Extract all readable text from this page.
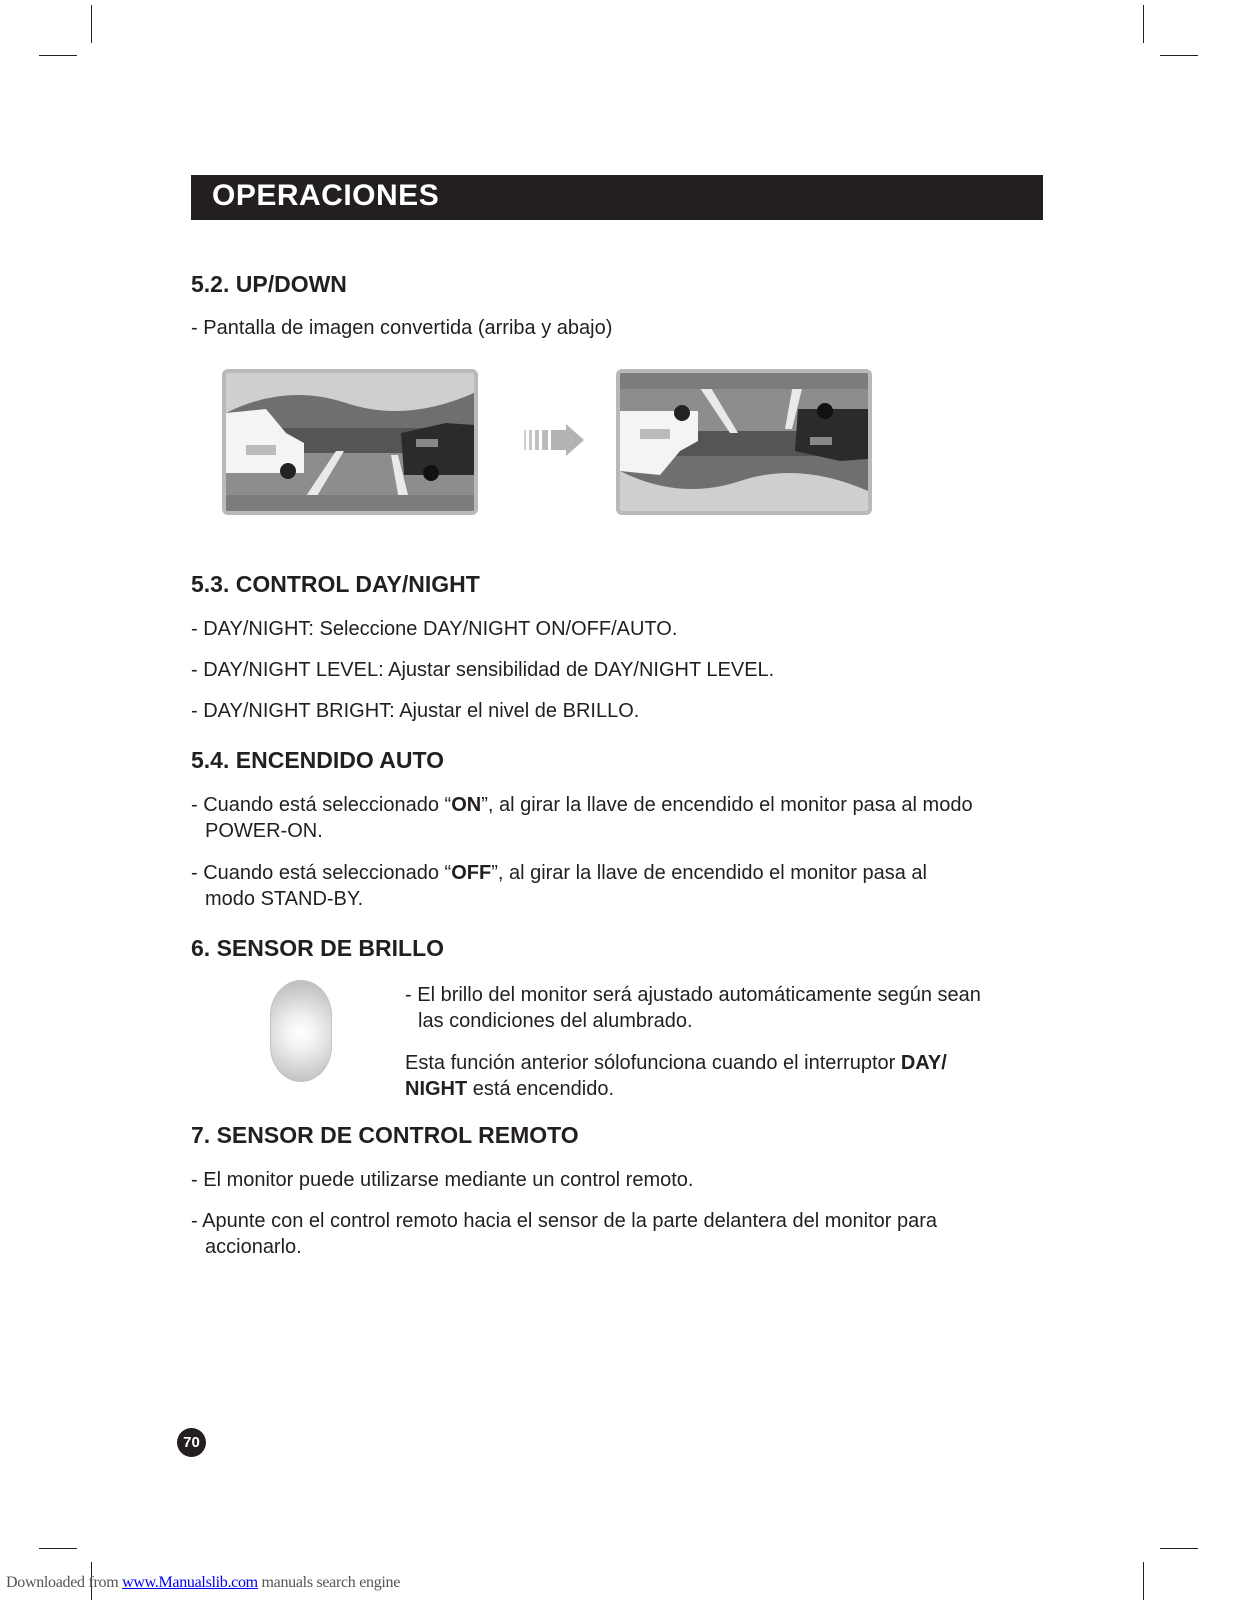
OPERACIONES
5.2. UP/DOWN
- Pantalla de imagen convertida (arriba y abajo)
5.3. CONTROL DAY/NIGHT
- DAY/NIGHT: Seleccione DAY/NIGHT ON/OFF/AUTO.
- DAY/NIGHT LEVEL: Ajustar sensibilidad de DAY/NIGHT LEVEL.
- DAY/NIGHT BRIGHT: Ajustar el nivel de BRILLO.
5.4. ENCENDIDO AUTO
- Cuando está seleccionado “ON”, al girar la llave de encendido el monitor pasa al modo
POWER-ON.
- Cuando está seleccionado “OFF”, al girar la llave de encendido el monitor pasa al
modo STAND-BY.
6. SENSOR DE BRILLO
- El brillo del monitor será ajustado automáticamente según sean
las condiciones del alumbrado.
Esta función anterior sólofunciona cuando el interruptor DAY/
NIGHT está encendido.
7. SENSOR DE CONTROL REMOTO
- El monitor puede utilizarse mediante un control remoto.
- Apunte con el control remoto hacia el sensor de la parte delantera del monitor para
accionarlo.
70
Downloaded from www.Manualslib.com manuals search engine
